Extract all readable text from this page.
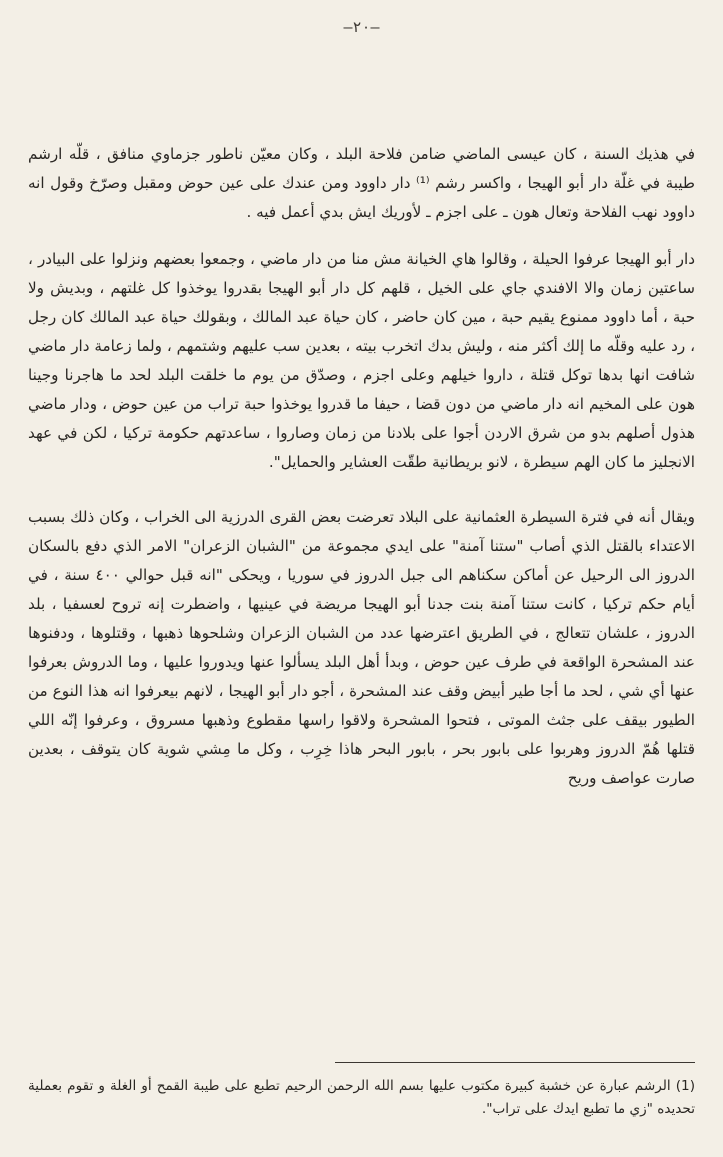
—٢٠—

في هذيك السنة ، كان عيسى الماضي ضامن فلاحة البلد ، وكان معيّن ناطور جزماوي منافق ، قلّه ارشم طيبة في غلّة دار أبو الهيجا ، واكسر رشم ⁽¹⁾ دار داوود ومن عندك على عين حوض ومقبل وصرّخ وقول انه داوود نهب الفلاحة وتعال هون ـ على اجزم ـ لأوريك ايش بدي أعمل فيه .

دار أبو الهيجا عرفوا الحيلة ، وقالوا هاي الخيانة مش منا من دار ماضي ، وجمعوا بعضهم ونزلوا على البيادر ، ساعتين زمان والا الافندي جاي على الخيل ، قلهم كل دار أبو الهيجا بقدروا يوخذوا كل غلتهم ، وبديش ولا حبة ، أما داوود ممنوع يقيم حبة ، مين كان حاضر ، كان حياة عبد المالك ، وبقولك حياة عبد المالك كان رجل ، رد عليه وقلّه ما إلك أكثر منه ، وليش بدك اتخرب بيته ، بعدين سب عليهم وشتمهم ، ولما زعامة دار ماضي شافت انها بدها توكل قتلة ، داروا خيلهم وعلى اجزم ، وصدّق من يوم ما خلقت البلد لحد ما هاجرنا وجينا هون على المخيم انه دار ماضي من دون قضا ، حيفا ما قدروا يوخذوا حبة تراب من عين حوض ، ودار ماضي هذول أصلهم بدو من شرق الاردن أجوا على بلادنا من زمان وصاروا ، ساعدتهم حكومة تركيا ، لكن في عهد الانجليز ما كان الهم سيطرة ، لانو بريطانية طقّت العشاير والحمايل".

ويقال أنه في فترة السيطرة العثمانية على البلاد تعرضت بعض القرى الدرزية الى الخراب ، وكان ذلك بسبب الاعتداء بالقتل الذي أصاب "ستنا آمنة" على ايدي مجموعة من "الشبان الزعران" الامر الذي دفع بالسكان الدروز الى الرحيل عن أماكن سكناهم الى جبل الدروز في سوريا ، ويحكى "انه قبل حوالي ٤٠٠ سنة ، في أيام حكم تركيا ، كانت ستنا آمنة بنت جدنا أبو الهيجا مريضة في عينيها ، واضطرت إنه تروح لعسفيا ، بلد الدروز ، علشان تتعالج ، في الطريق اعترضها عدد من الشبان الزعران وشلحوها ذهبها ، وقتلوها ، ودفنوها عند المشحرة الواقعة في طرف عين حوض ، وبدأ أهل البلد يسألوا عنها ويدوروا عليها ، وما الدروش بعرفوا عنها أي شي ، لحد ما أجا طير أبيض وقف عند المشحرة ، أجو دار أبو الهيجا ، لانهم بيعرفوا انه هذا النوع من الطيور بيقف على جثث الموتى ، فتحوا المشحرة ولاقوا راسها مقطوع وذهبها مسروق ، وعرفوا إنّه اللي قتلها هُمّ الدروز وهربوا على بابور بحر ، بابور البحر هاذا خِرِب ، وكل ما مِشي شوية كان يتوقف ، بعدين صارت عواصف وريح

(1) الرشم عبارة عن خشبة كبيرة مكتوب عليها بسم الله الرحمن الرحيم تطبع على طيبة القمح أو الغلة و تقوم بعملية تحديده "زي ما تطبع ايدك على تراب".
